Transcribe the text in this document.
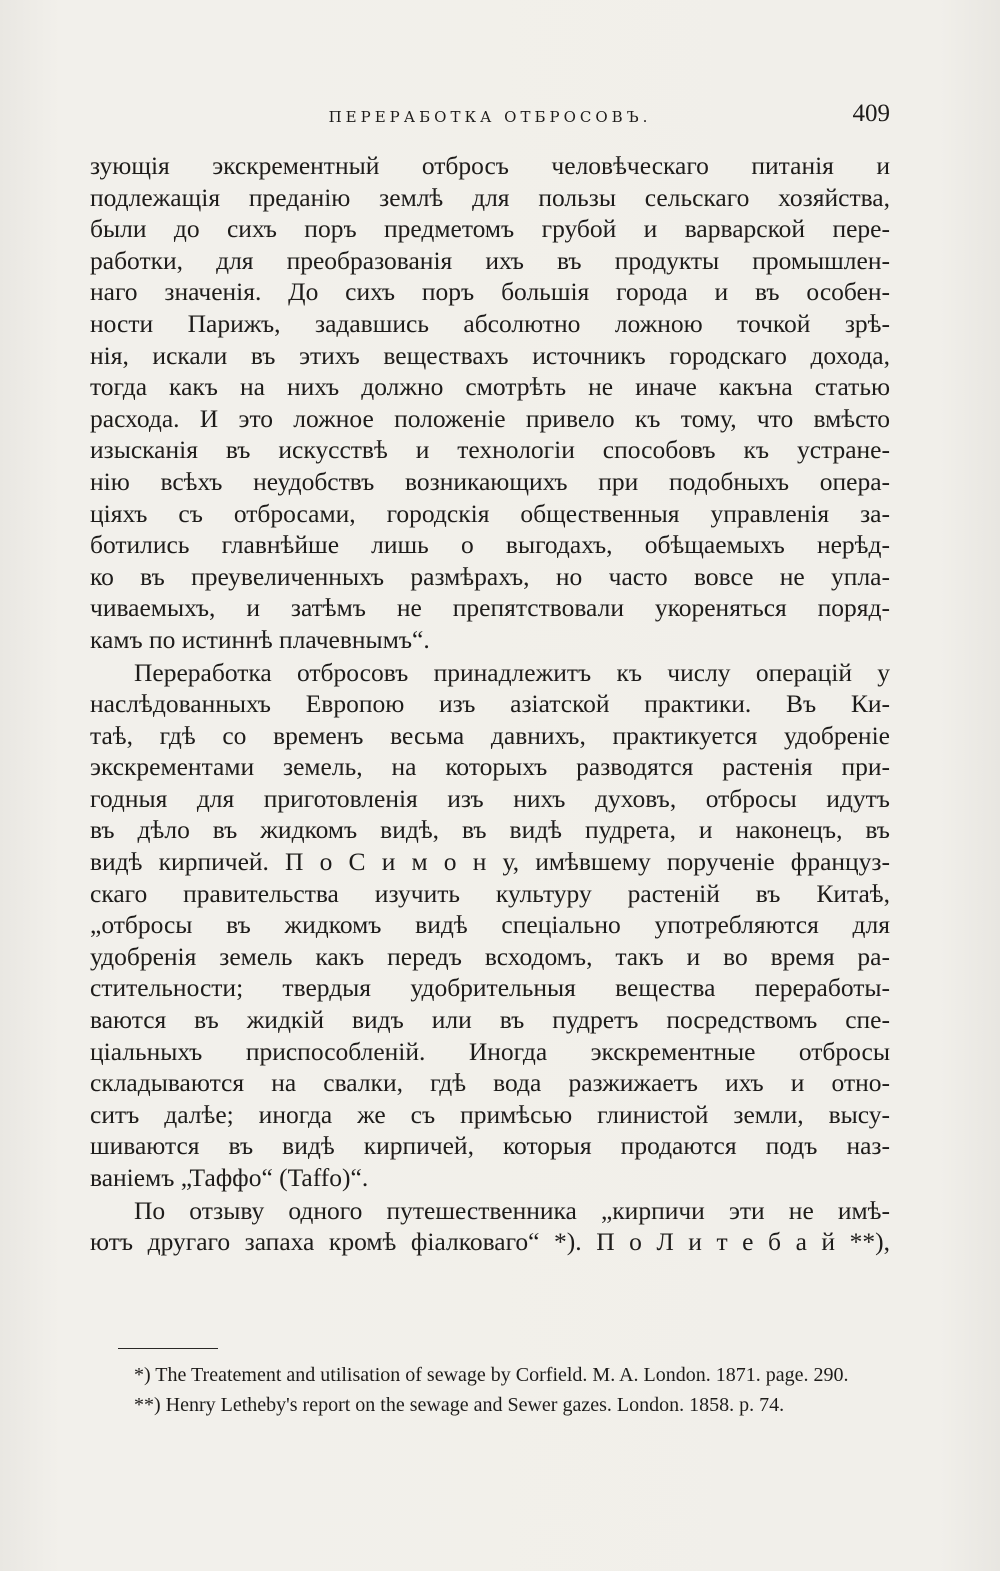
ПЕРЕРАБОТКА ОТБРОСОВЪ.	409

зующія экскрементный отбросъ человѣческаго питанія и

подлежащія преданію землѣ для пользы сельскаго хозяйства,

были до сихъ поръ предметомъ грубой и варварской пере-

работки, для преобразованія ихъ въ продукты промышлен-

наго значенія. До сихъ поръ большія города и въ особен-

ности Парижъ, задавшись абсолютно ложною точкой зрѣ-

нія, искали въ этихъ веществахъ источникъ городскаго дохода,

тогда какъ на нихъ должно смотрѣть не иначе какъна статью

расхода. И это ложное положеніе привело къ тому, что вмѣсто

изысканія въ искусствѣ и технологіи способовъ къ устране-

нію всѣхъ неудобствъ возникающихъ при подобныхъ опера-

ціяхъ съ отбросами, городскія общественныя управленія за-

ботились главнѣйше лишь о выгодахъ, обѣщаемыхъ нерѣд-

ко въ преувеличенныхъ размѣрахъ, но часто вовсе не упла-

чиваемыхъ, и затѣмъ не препятствовали укореняться поряд-

камъ по истиннѣ плачевнымъ“.

Переработка отбросовъ принадлежитъ къ числу операцій у

наслѣдованныхъ Европою изъ азіатской практики. Въ Ки-

таѣ, гдѣ со временъ весьма давнихъ, практикуется удобреніе

экскрементами земель, на которыхъ разводятся растенія при-

годныя для приготовленія изъ нихъ духовъ, отбросы идутъ

въ дѣло въ жидкомъ видѣ, въ видѣ пудрета, и наконецъ, въ

видѣ кирпичей. П о С и м о н у, имѣвшему порученіе француз-

скаго правительства изучить культуру растеній въ Китаѣ,

„отбросы въ жидкомъ видѣ спеціально употребляются для

удобренія земель какъ передъ всходомъ, такъ и во время ра-

стительности; твердыя удобрительныя вещества переработы-

ваются въ жидкій видъ или въ пудретъ посредствомъ спе-

ціальныхъ приспособленій. Иногда экскрементные отбросы

складываются на свалки, гдѣ вода разжижаетъ ихъ и отно-

ситъ далѣе; иногда же съ примѣсью глинистой земли, высу-

шиваются въ видѣ кирпичей, которыя продаются подъ наз-

ваніемъ „Таффо“ (Taffo)“.

По отзыву одного путешественника „кирпичи эти не имѣ-

ютъ другаго запаха кромѣ фіалковаго“ *). П о Л и т е б а й **),

*) The Treatement and utilisation of sewage by Corfield. M. A. London. 1871. page. 290.

**) Henry Lethеby's report on the sewage and Sewer gazes. London. 1858. p. 74.
